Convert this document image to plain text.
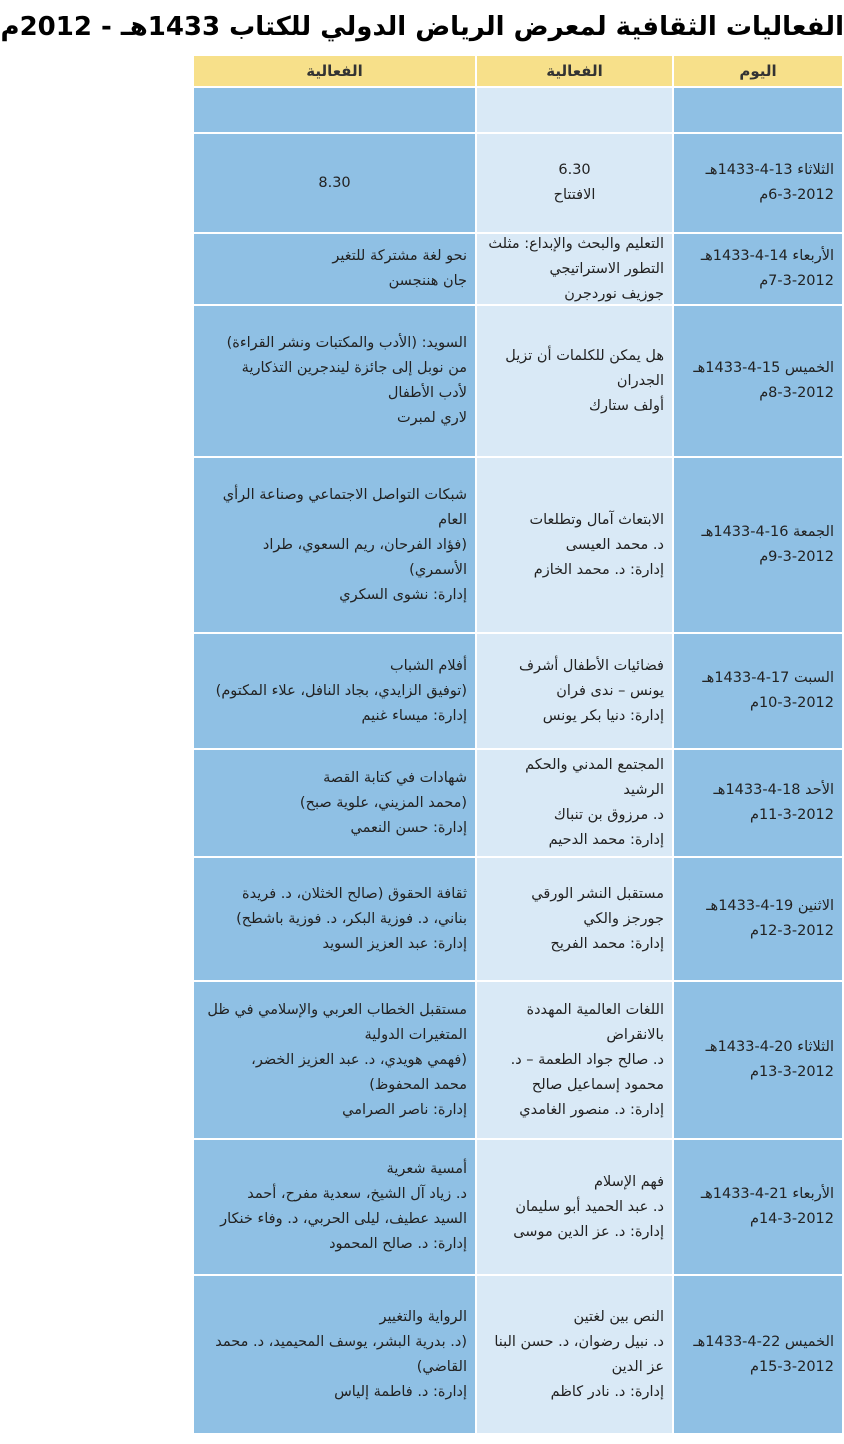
الفعاليات الثقافية لمعرض الرياض الدولي للكتاب 1433هـ - 2012م
اليوم
الفعالية
الفعالية
الثلاثاء 13-4-1433هـ
6-3-2012م
6.30
الافتتاح
8.30
الأربعاء 14-4-1433هـ
7-3-2012م
التعليم والبحث والإبداع: مثلث
التطور الاستراتيجي
جوزيف نوردجرن
نحو لغة مشتركة للتغير
جان هننجسن
الخميس 15-4-1433هـ
8-3-2012م
هل يمكن للكلمات أن تزيل
الجدران
أولف ستارك
السويد: (الأدب والمكتبات ونشر القراءة)
من نوبل إلى جائزة ليندجرين التذكارية
لأدب الأطفال
لاري لمبرت
الجمعة 16-4-1433هـ
9-3-2012م
الابتعاث آمال وتطلعات
د. محمد العيسى
إدارة: د. محمد الخازم
شبكات التواصل الاجتماعي وصناعة الرأي
العام
(فؤاد الفرحان، ريم السعوي، طراد
الأسمري)
إدارة: نشوى السكري
السبت 17-4-1433هـ
10-3-2012م
فضائيات الأطفال أشرف
يونس – ندى فران
إدارة: دنيا بكر يونس
أفلام الشباب
(توفيق الزايدي، بجاد النافل، علاء المكتوم)
إدارة: ميساء غنيم
الأحد 18-4-1433هـ
11-3-2012م
المجتمع المدني والحكم الرشيد
د. مرزوق بن تنباك
إدارة: محمد الدحيم
شهادات في كتابة القصة
(محمد المزيني، علوية صبح)
إدارة: حسن النعمي
الاثنين 19-4-1433هـ
12-3-2012م
مستقبل النشر الورقي
جورجز والكي
إدارة: محمد الفريح
ثقافة الحقوق (صالح الخثلان، د. فريدة
بناني، د. فوزية البكر، د. فوزية باشطح)
إدارة: عبد العزيز السويد
الثلاثاء 20-4-1433هـ
13-3-2012م
اللغات العالمية المهددة
بالانقراض
د. صالح جواد الطعمة – د.
محمود إسماعيل صالح
إدارة: د. منصور الغامدي
مستقبل الخطاب العربي والإسلامي في ظل
المتغيرات الدولية
(فهمي هويدي، د. عبد العزيز الخضر،
محمد المحفوظ)
إدارة: ناصر الصرامي
الأربعاء 21-4-1433هـ
14-3-2012م
فهم الإسلام
د. عبد الحميد أبو سليمان
إدارة: د. عز الدين موسى
أمسية شعرية
د. زياد آل الشيخ، سعدية مفرح، أحمد
السيد عطيف، ليلى الحربي، د. وفاء خنكار
إدارة: د. صالح المحمود
الخميس 22-4-1433هـ
15-3-2012م
النص بين لغتين
د. نبيل رضوان، د. حسن البنا
عز الدين
إدارة: د. نادر كاظم
الرواية والتغيير
(د. بدرية البشر، يوسف المحيميد، د. محمد
القاضي)
إدارة: د. فاطمة إلياس
